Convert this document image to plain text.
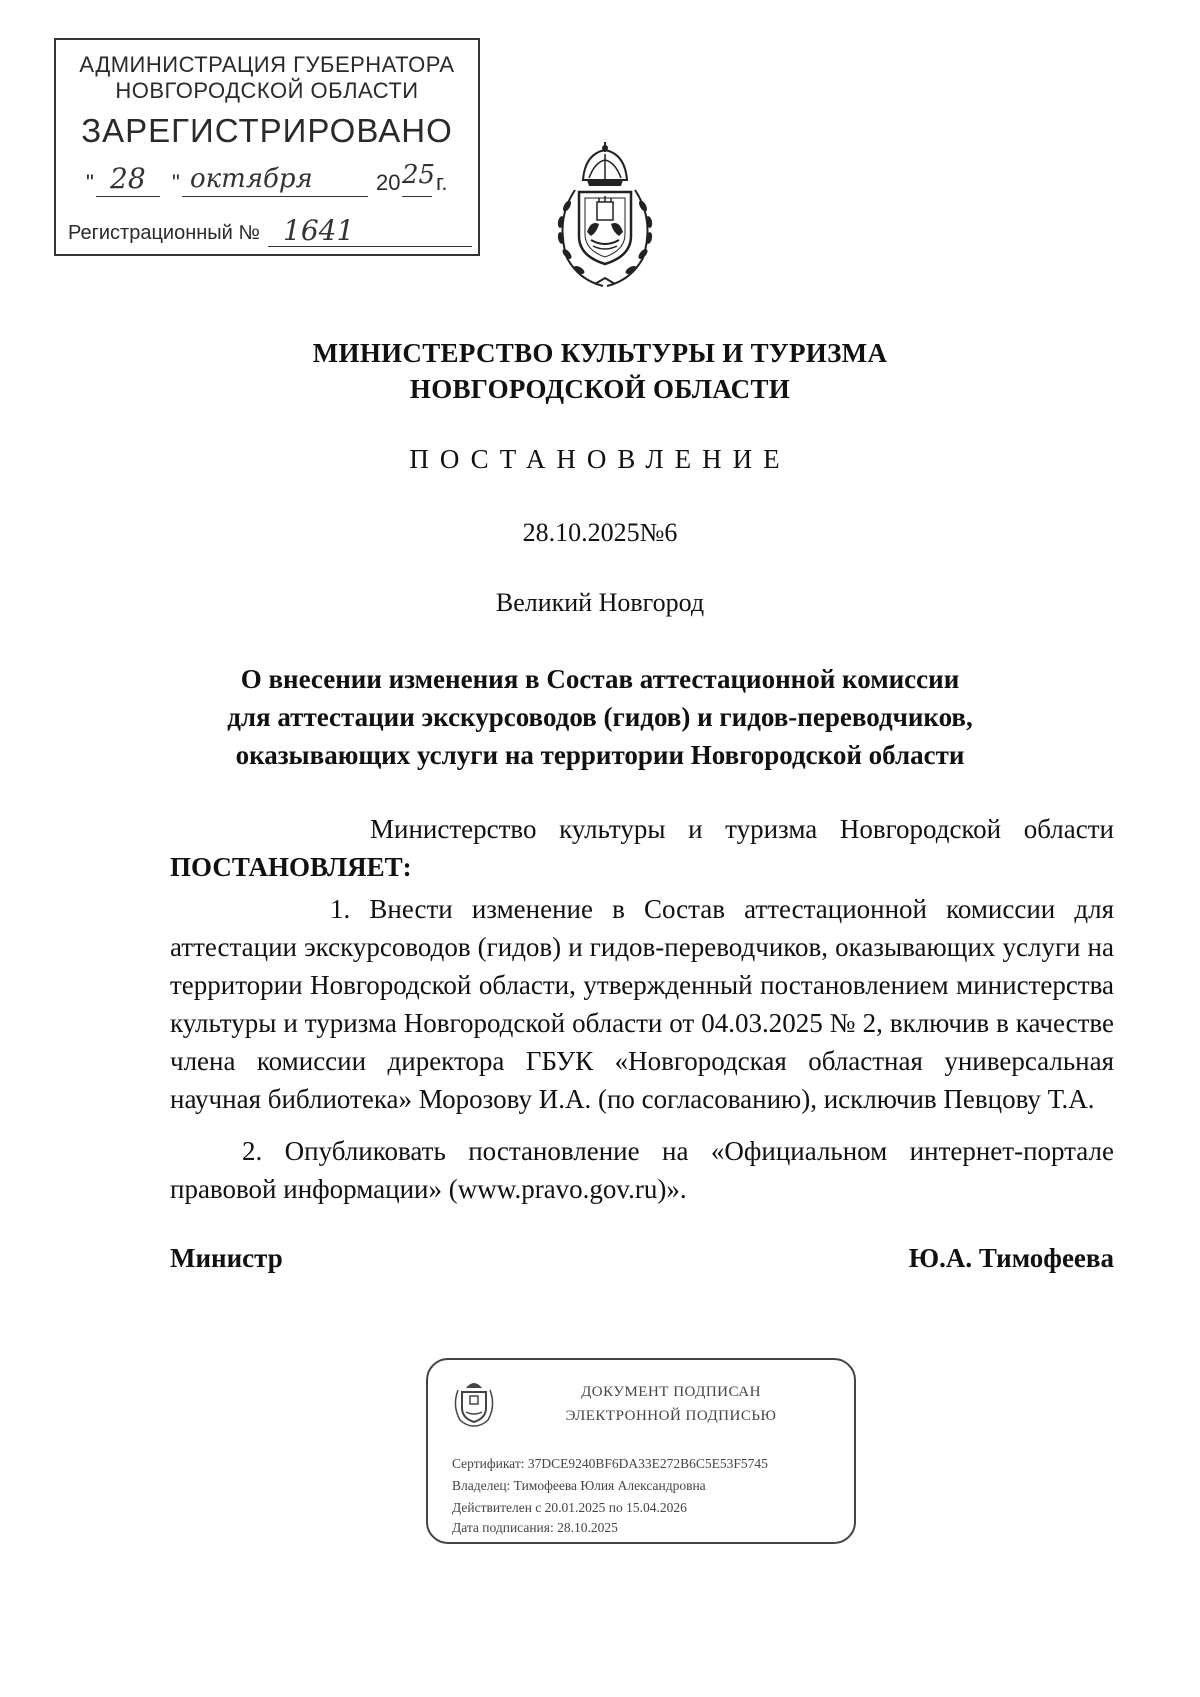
АДМИНИСТРАЦИЯ ГУБЕРНАТОРА
НОВГОРОДСКОЙ ОБЛАСТИ
ЗАРЕГИСТРИРОВАНО
" 28 " октября	20 25 г.
Регистрационный № 1641
МИНИСТЕРСТВО КУЛЬТУРЫ И ТУРИЗМА
НОВГОРОДСКОЙ ОБЛАСТИ
ПОСТАНОВЛЕНИЕ
28.10.2025№6
Великий Новгород
О внесении изменения в Состав аттестационной комиссии
для аттестации экскурсоводов (гидов) и гидов-переводчиков,
оказывающих услуги на территории Новгородской области
Министерство культуры и туризма Новгородской области ПОСТАНОВЛЯЕТ:
1. Внести изменение в Состав аттестационной комиссии для аттестации экскурсоводов (гидов) и гидов-переводчиков, оказывающих услуги на территории Новгородской области, утвержденный постановлением министерства культуры и туризма Новгородской области от 04.03.2025 № 2, включив в качестве члена комиссии директора ГБУК «Новгородская областная универсальная научная библиотека» Морозову И.А. (по согласованию), исключив Певцову Т.А.
2. Опубликовать постановление на «Официальном интернет-портале правовой информации» (www.pravo.gov.ru)».
Министр	Ю.А. Тимофеева
ДОКУМЕНТ ПОДПИСАН
ЭЛЕКТРОННОЙ ПОДПИСЬЮ
Сертификат: 37DCE9240BF6DA33E272B6C5E53F5745
Владелец: Тимофеева Юлия Александровна
Действителен с 20.01.2025 по 15.04.2026
Дата подписания: 28.10.2025
